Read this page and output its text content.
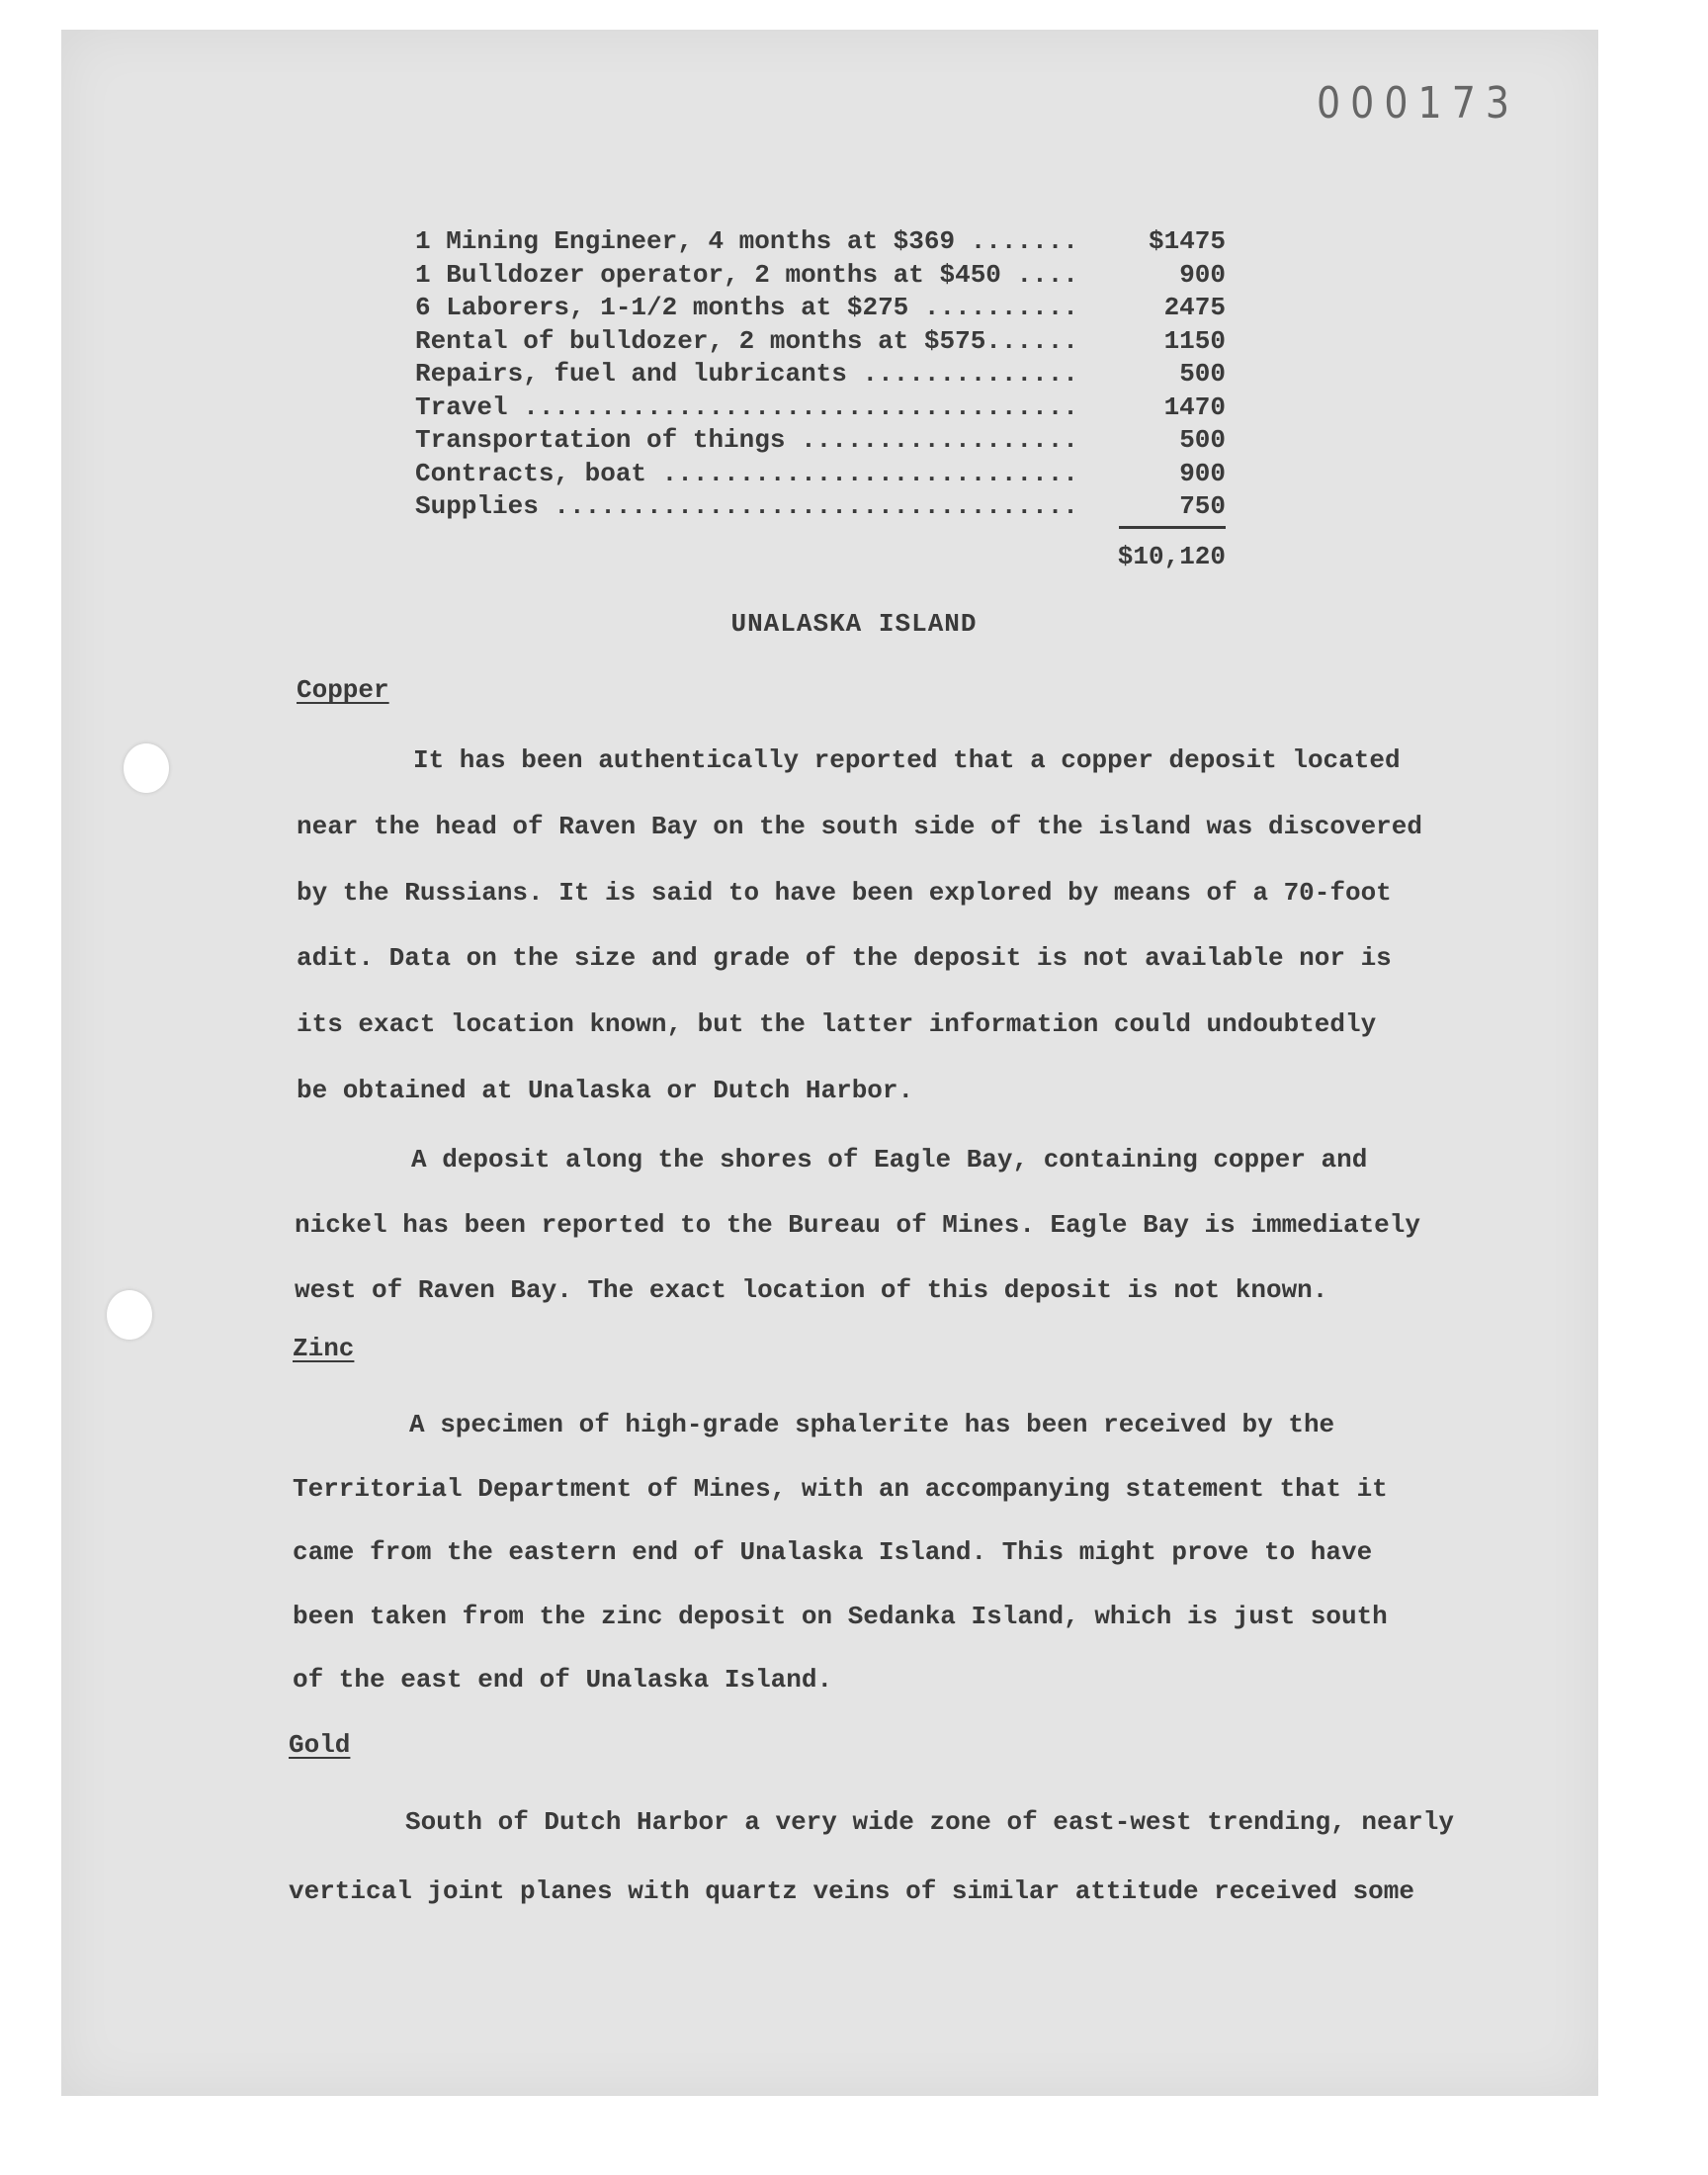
000173
1 Mining Engineer, 4 months at $369 .......	$1475
1 Bulldozer operator, 2 months at $450 ....	900
6 Laborers, 1-1/2 months at $275 ..........	2475
Rental of bulldozer, 2 months at $575......	1150
Repairs, fuel and lubricants ..............	500
Travel ....................................	1470
Transportation of things ..................	500
Contracts, boat ...........................	900
Supplies ..................................	750
$10,120
UNALASKA ISLAND
Copper
It has been authentically reported that a copper deposit located
near the head of Raven Bay on the south side of the island was discovered
by the Russians. It is said to have been explored by means of a 70-foot
adit. Data on the size and grade of the deposit is not available nor is
its exact location known, but the latter information could undoubtedly
be obtained at Unalaska or Dutch Harbor.
A deposit along the shores of Eagle Bay, containing copper and
nickel has been reported to the Bureau of Mines. Eagle Bay is immediately
west of Raven Bay. The exact location of this deposit is not known.
Zinc
A specimen of high-grade sphalerite has been received by the
Territorial Department of Mines, with an accompanying statement that it
came from the eastern end of Unalaska Island. This might prove to have
been taken from the zinc deposit on Sedanka Island, which is just south
of the east end of Unalaska Island.
Gold
South of Dutch Harbor a very wide zone of east-west trending, nearly
vertical joint planes with quartz veins of similar attitude received some
